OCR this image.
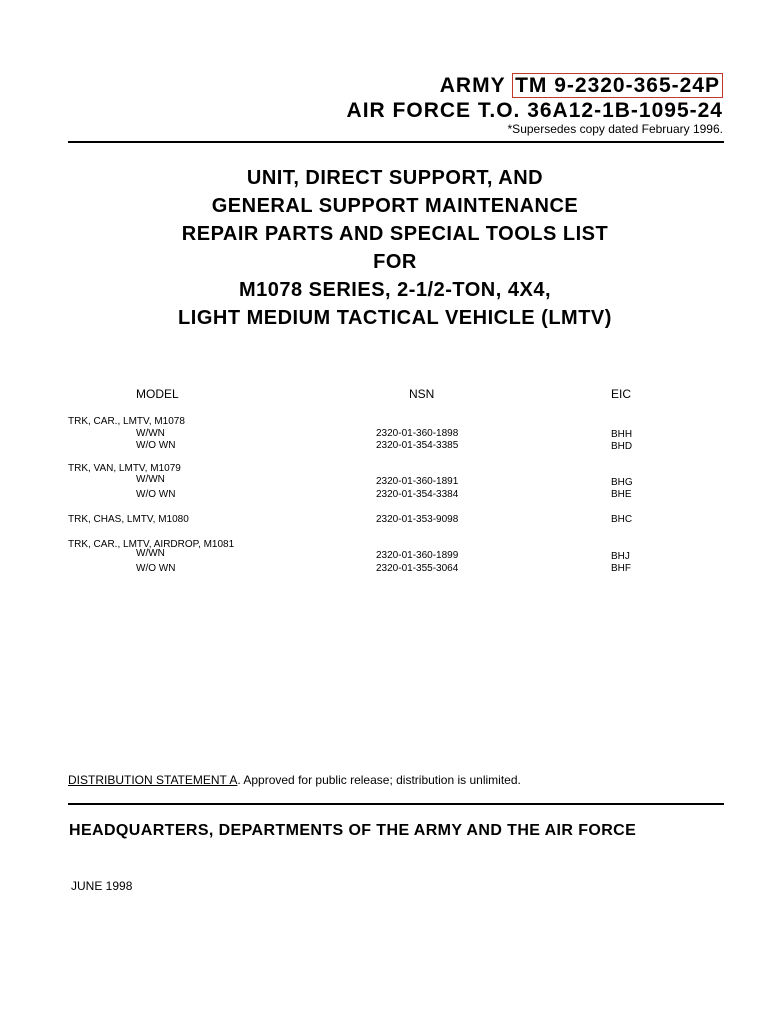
ARMY TM 9-2320-365-24P
AIR FORCE T.O. 36A12-1B-1095-24
*Supersedes copy dated February 1996.
UNIT, DIRECT SUPPORT, AND
GENERAL SUPPORT MAINTENANCE
REPAIR PARTS AND SPECIAL TOOLS LIST
FOR
M1078 SERIES, 2-1/2-TON, 4X4,
LIGHT MEDIUM TACTICAL VEHICLE (LMTV)
MODEL	NSN	EIC
TRK, CAR., LMTV, M1078
W/WN	2320-01-360-1898	BHH
W/O WN	2320-01-354-3385	BHD
TRK, VAN, LMTV, M1079
W/WN	2320-01-360-1891	BHG
W/O WN	2320-01-354-3384	BHE
TRK, CHAS, LMTV, M1080	2320-01-353-9098	BHC
TRK, CAR., LMTV, AIRDROP, M1081
W/WN	2320-01-360-1899	BHJ
W/O WN	2320-01-355-3064	BHF
DISTRIBUTION STATEMENT A. Approved for public release; distribution is unlimited.
HEADQUARTERS, DEPARTMENTS OF THE ARMY AND THE AIR FORCE
JUNE 1998
